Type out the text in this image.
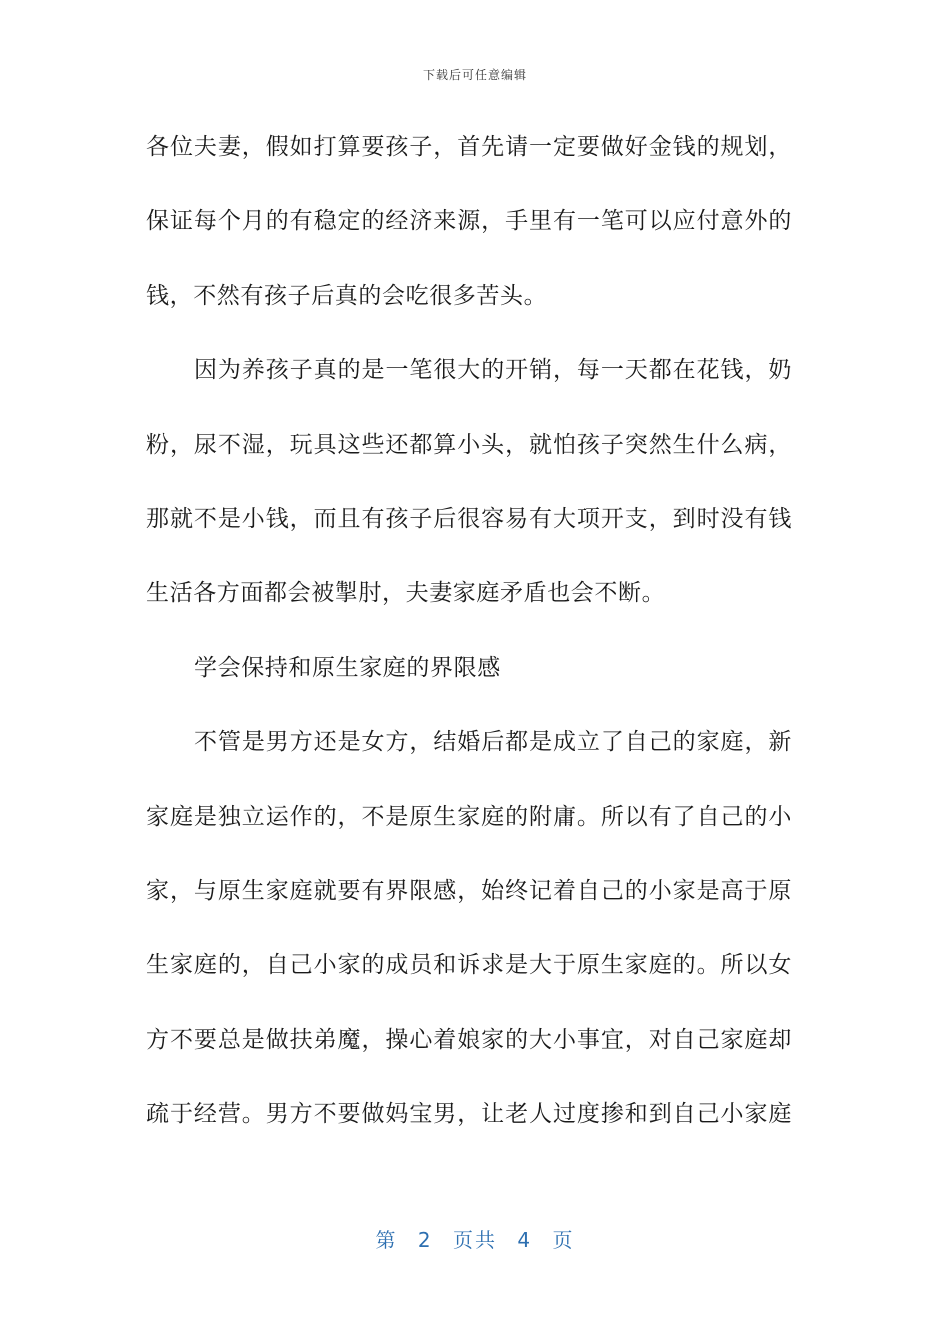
下载后可任意编辑
各位夫妻，假如打算要孩子，首先请一定要做好金钱的规划，
保证每个月的有稳定的经济来源，手里有一笔可以应付意外的
钱，不然有孩子后真的会吃很多苦头。
因为养孩子真的是一笔很大的开销，每一天都在花钱，奶
粉，尿不湿，玩具这些还都算小头，就怕孩子突然生什么病，
那就不是小钱，而且有孩子后很容易有大项开支，到时没有钱
生活各方面都会被掣肘，夫妻家庭矛盾也会不断。
学会保持和原生家庭的界限感
不管是男方还是女方，结婚后都是成立了自己的家庭，新
家庭是独立运作的，不是原生家庭的附庸。所以有了自己的小
家，与原生家庭就要有界限感，始终记着自己的小家是高于原
生家庭的，自己小家的成员和诉求是大于原生家庭的。所以女
方不要总是做扶弟魔，操心着娘家的大小事宜，对自己家庭却
疏于经营。男方不要做妈宝男，让老人过度掺和到自己小家庭
第 2 页共 4 页
